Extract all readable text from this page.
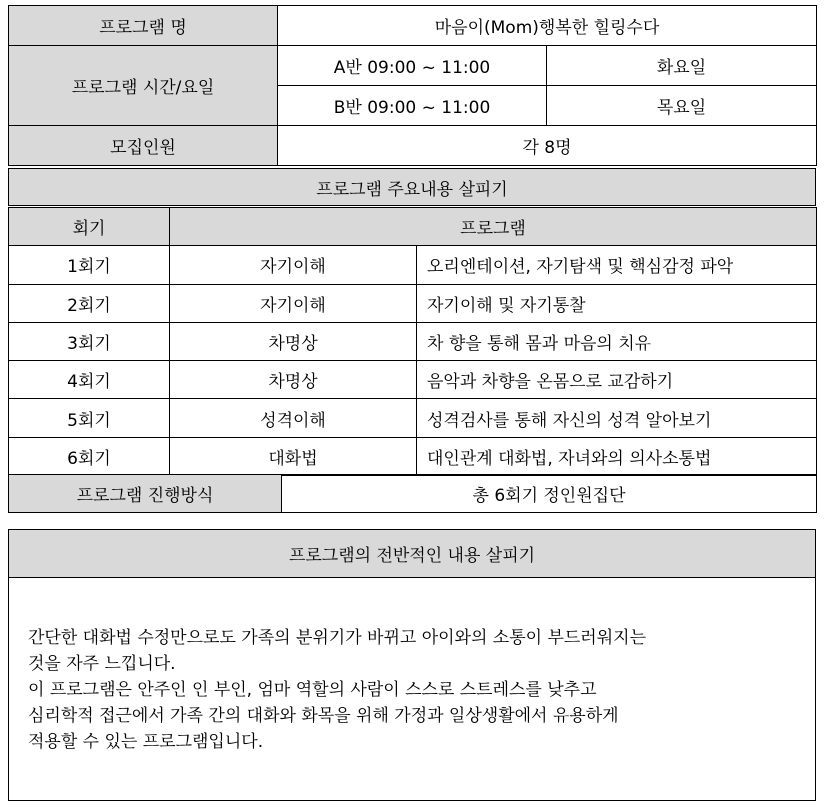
프로그램 명	마음이(Mom)행복한 힐링수다	
프로그램 시간/요일	A반 09:00 ~ 11:00	화요일
	B반 09:00 ~ 11:00	목요일
모집인원	각 8명	
프로그램 주요내용 살피기
회기	프로그램	
1회기	자기이해	오리엔테이션, 자기탐색 및 핵심감정 파악
2회기	자기이해	자기이해 및 자기통찰
3회기	차명상	차 향을 통해 몸과 마음의 치유
4회기	차명상	음악과 차향을 온몸으로 교감하기
5회기	성격이해	성격검사를 통해 자신의 성격 알아보기
6회기	대화법	대인관계 대화법, 자녀와의 의사소통법
프로그램 진행방식	총 6회기 정인원집단
프로그램의 전반적인 내용 살피기

간단한 대화법 수정만으로도 가족의 분위기가 바뀌고 아이와의 소통이 부드러워지는

것을 자주 느낍니다.

이 프로그램은 안주인 인 부인, 엄마 역할의 사람이 스스로 스트레스를 낮추고

심리학적 접근에서 가족 간의 대화와 화목을 위해 가정과 일상생활에서 유용하게

적용할 수 있는 프로그램입니다.
